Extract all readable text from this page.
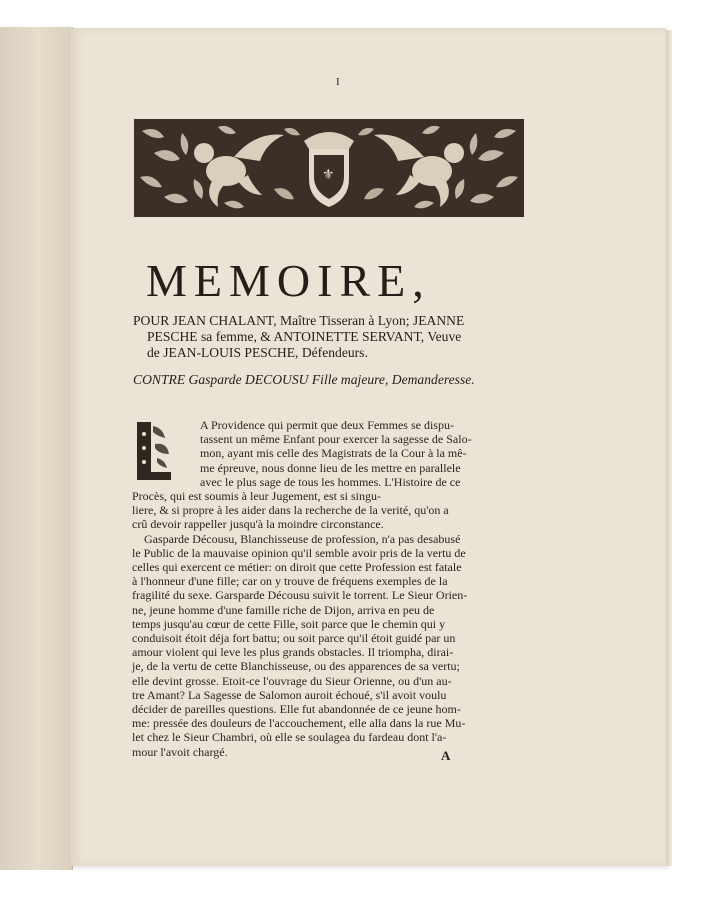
I
⚜
MEMOIRE,

POUR JEAN CHALANT, Maître Tisseran à Lyon; JEANNE

PESCHE sa femme, & ANTOINETTE SERVANT, Veuve

de JEAN-LOUIS PESCHE, Défendeurs.

CONTRE Gasparde DECOUSU Fille majeure, Demanderesse.

A Providence qui permit que deux Femmes se dispu-

tassent un même Enfant pour exercer la sagesse de Salo-

mon, ayant mis celle des Magistrats de la Cour à la mê-

me épreuve, nous donne lieu de les mettre en parallele

avec le plus sage de tous les hommes. L'Histoire de ce

Procès, qui est soumis à leur Jugement, est si singu-

liere, & si propre à les aider dans la recherche de la verité, qu'on a

crû devoir rappeller jusqu'à la moindre circonstance.

Gasparde Décousu, Blanchisseuse de profession, n'a pas desabusé

le Public de la mauvaise opinion qu'il semble avoir pris de la vertu de

celles qui exercent ce métier: on diroit que cette Profession est fatale

à l'honneur d'une fille; car on y trouve de fréquens exemples de la

fragilité du sexe. Garsparde Décousu suivit le torrent. Le Sieur Orien-

ne, jeune homme d'une famille riche de Dijon, arriva en peu de

temps jusqu'au cœur de cette Fille, soit parce que le chemin qui y

conduisoit étoit déja fort battu; ou soit parce qu'il étoit guidé par un

amour violent qui leve les plus grands obstacles. Il triompha, dirai-

je, de la vertu de cette Blanchisseuse, ou des apparences de sa vertu;

elle devint grosse. Etoit-ce l'ouvrage du Sieur Orienne, ou d'un au-

tre Amant? La Sagesse de Salomon auroit échoué, s'il avoit voulu

décider de pareilles questions. Elle fut abandonnée de ce jeune hom-

me: pressée des douleurs de l'accouchement, elle alla dans la rue Mu-

let chez le Sieur Chambri, où elle se soulagea du fardeau dont l'a-

mour l'avoit chargé.	A
